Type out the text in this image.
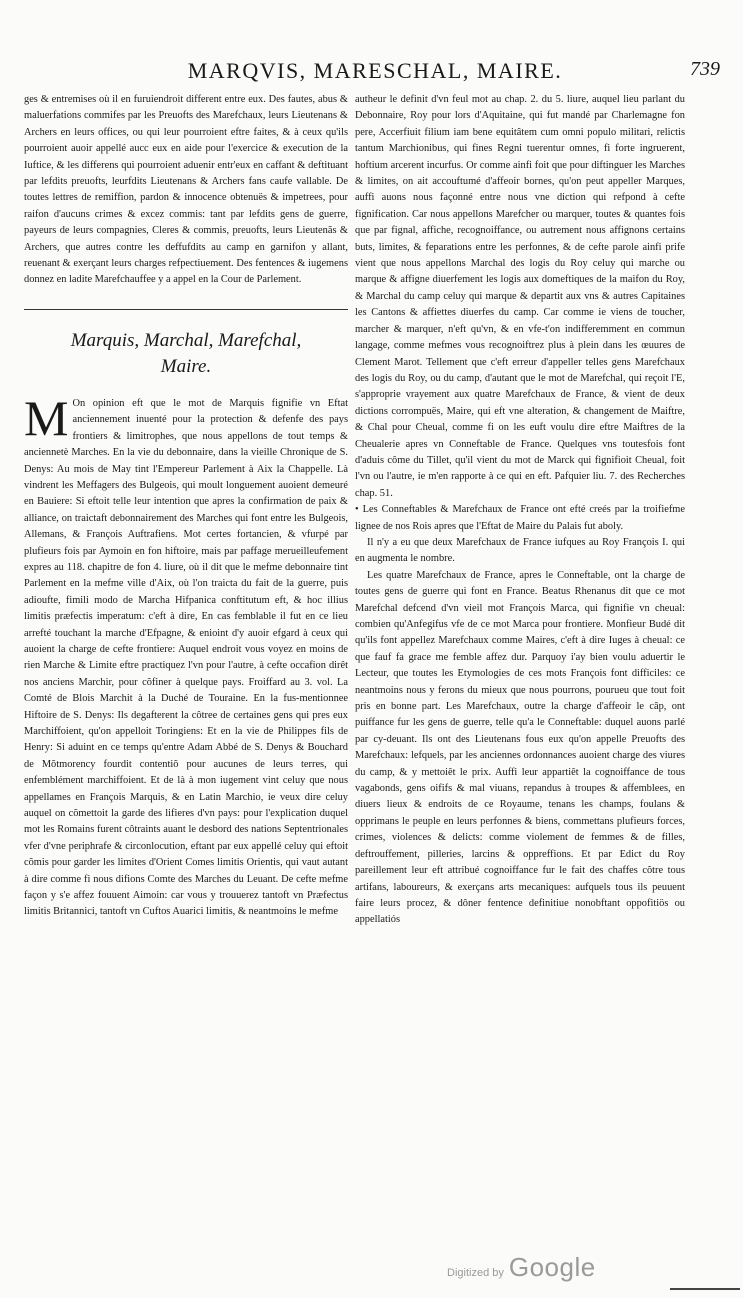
MARQVIS, MARESCHAL, MAIRE.	739

ges & entremises où il en furuiendroit different entre eux. Des fautes, abus & maluerfations commifes par les Preuofts des Marefchaux, leurs Lieutenans & Archers en leurs offices, ou qui leur pourroient eftre faites, & à ceux qu'ils pourroient auoir appellé aucc eux en aide pour l'exercice & execution de la Iuftice, & les differens qui pourroient aduenir entr'eux en caffant & deftituant par lefdits preuofts, leurfdits Lieutenans & Archers fans caufe vallable. De toutes lettres de remiffion, pardon & innocence obtenuës & impetrees, pour raifon d'aucuns crimes & excez commis: tant par lefdits gens de guerre, payeurs de leurs compagnies, Cleres & commis, preuofts, leurs Lieutenãs & Archers, que autres contre les deffufdits au camp en garnifon y allant, reuenant & exerçant leurs charges refpectiuement. Des fentences & iugemens donnez en ladite Marefchauffee y a appel en la Cour de Parlement.

Marquis, Marchal, Marefchal,
Maire.

M On opinion eft que le mot de Marquis fignifie vn Eftat anciennement inuenté pour la protection & defenfe des pays frontiers & limitrophes, que nous appellons de tout temps & anciennetè Marches. En la vie du debonnaire, dans la vieille Chronique de S. Denys: Au mois de May tint l'Empereur Parlement à Aix la Chappelle. Là vindrent les Meffagers des Bulgeois, qui moult longuement auoient demeuré en Bauiere: Si eftoit telle leur intention que apres la confirmation de paix & alliance, on traictaft debonnairement des Marches qui font entre les Bulgeois, Allemans, & François Auftrafiens. Mot certes fortancien, & vfurpé par plufieurs fois par Aymoin en fon hiftoire, mais par paffage merueilleufement expres au 118. chapitre de fon 4. liure, où il dit que le mefme debonnaire tint Parlement en la mefme ville d'Aix, où l'on traicta du fait de la guerre, puis adioufte, fimili modo de Marcha Hifpanica conftitutum eft, & hoc illius limitis præfectis imperatum: c'eft à dire, En cas femblable il fut en ce lieu arrefté touchant la marche d'Efpagne, & enioint d'y auoir efgard à ceux qui auoient la charge de cefte frontiere: Auquel endroit vous voyez en moins de rien Marche & Limite eftre practiquez l'vn pour l'autre, à cefte occafion dirêt nos anciens Marchir, pour cõfiner à quelque pays. Froiffard au 3. vol. La Comté de Blois Marchit à la Duché de Touraine. En la fus-mentionnee Hiftoire de S. Denys: Ils degafterent la côtree de certaines gens qui pres eux Marchiffoient, qu'on appelloit Toringiens: Et en la vie de Philippes fils de Henry: Si aduint en ce temps qu'entre Adam Abbé de S. Denys & Bouchard de Mõtmorency fourdit contentiõ pour aucunes de leurs terres, qui enfemblément marchiffoient. Et de là à mon iugement vint celuy que nous appellames en François Marquis, & en Latin Marchio, ie veux dire celuy auquel on cõmettoit la garde des lifieres d'vn pays: pour l'explication duquel mot les Romains furent côtraints auant le desbord des nations Septentrionales vfer d'vne periphrafe & circonlocution, eftant par eux appellé celuy qui eftoit cõmis pour garder les limites d'Orient Comes limitis Orientis, qui vaut autant à dire comme fi nous difions Comte des Marches du Leuant. De cefte mefme façon y s'e affez fouuent Aimoin: car vous y trouuerez tantoft vn Præfectus limitis Britannici, tantoft vn Cuftos Auarici limitis, & neantmoins le mefme

autheur le definit d'vn feul mot au chap. 2. du 5. liure, auquel lieu parlant du Debonnaire, Roy pour lors d'Aquitaine, qui fut mandé par Charlemagne fon pere, Accerfiuit filium iam bene equitâtem cum omni populo militari, relictis tantum Marchionibus, qui fines Regni tuerentur omnes, fi forte ingruerent, hoftium arcerent incurfus. Or comme ainfi foit que pour diftinguer les Marches & limites, on ait accouftumé d'affeoir bornes, qu'on peut appeller Marques, auffi auons nous façonné entre nous vne diction qui refpond à cefte fignification. Car nous appellons Marefcher ou marquer, toutes & quantes fois que par fignal, affiche, recognoiffance, ou autrement nous affignons certains buts, limites, & feparations entre les perfonnes, & de cefte parole ainfi prife vient que nous appellons Marchal des logis du Roy celuy qui marche ou marque & affigne diuerfement les logis aux domeftiques de la maifon du Roy, & Marchal du camp celuy qui marque & departit aux vns & autres Capitaines les Cantons & affiettes diuerfes du camp. Car comme ie viens de toucher, marcher & marquer, n'eft qu'vn, & en vfe-t'on indifferemment en commun langage, comme mefmes vous recognoiftrez plus à plein dans les œuures de Clement Marot. Tellement que c'eft erreur d'appeller telles gens Marefchaux des logis du Roy, ou du camp, d'autant que le mot de Marefchal, qui reçoit l'E, s'approprie vrayement aux quatre Marefchaux de France, & vient de deux dictions corrompuës, Maire, qui eft vne alteration, & changement de Maiftre, & Chal pour Cheual, comme fi on les euft voulu dire eftre Maiftres de la Cheualerie apres vn Conneftable de France. Quelques vns toutesfois font d'aduis côme du Tillet, qu'il vient du mot de Marck qui fignifioit Cheual, foit l'vn ou l'autre, ie m'en rapporte à ce qui en eft. Pafquier liu. 7. des Recherches chap. 51.

• Les Conneftables & Marefchaux de France ont efté creés par la troifiefme lignee de nos Rois apres que l'Eftat de Maire du Palais fut aboly.

Il n'y a eu que deux Marefchaux de France iufques au Roy François I. qui en augmenta le nombre.

Les quatre Marefchaux de France, apres le Conneftable, ont la charge de toutes gens de guerre qui font en France. Beatus Rhenanus dit que ce mot Marefchal defcend d'vn vieil mot François Marca, qui fignifie vn cheual: combien qu'Anfegifus vfe de ce mot Marca pour frontiere. Monfieur Budé dit qu'ils font appellez Marefchaux comme Maires, c'eft à dire Iuges à cheual: ce que fauf fa grace me femble affez dur. Parquoy i'ay bien voulu aduertir le Lecteur, que toutes les Etymologies de ces mots François font difficiles: ce neantmoins nous y ferons du mieux que nous pourrons, pourueu que tout foit pris en bonne part. Les Marefchaux, outre la charge d'affeoir le câp, ont puiffance fur les gens de guerre, telle qu'a le Conneftable: duquel auons parlé par cy-deuant. Ils ont des Lieutenans fous eux qu'on appelle Preuofts des Marefchaux: lefquels, par les anciennes ordonnances auoient charge des viures du camp, & y mettoiêt le prix. Auffi leur appartiêt la cognoiffance de tous vagabonds, gens oififs & mal viuans, repandus à troupes & affemblees, en diuers lieux & endroits de ce Royaume, tenans les champs, foulans & opprimans le peuple en leurs perfonnes & biens, commettans plufieurs forces, crimes, violences & delicts: comme violement de femmes & de filles, deftrouffement, pilleries, larcins & oppreffions. Et par Edict du Roy pareillement leur eft attribué cognoiffance fur le fait des chaffes cõtre tous artifans, laboureurs, & exerçans arts mecaniques: aufquels tous ils peuuent faire leurs procez, & dôner fentence definitiue nonobftant oppofitiös ou appellatiós

Digitized by Google
